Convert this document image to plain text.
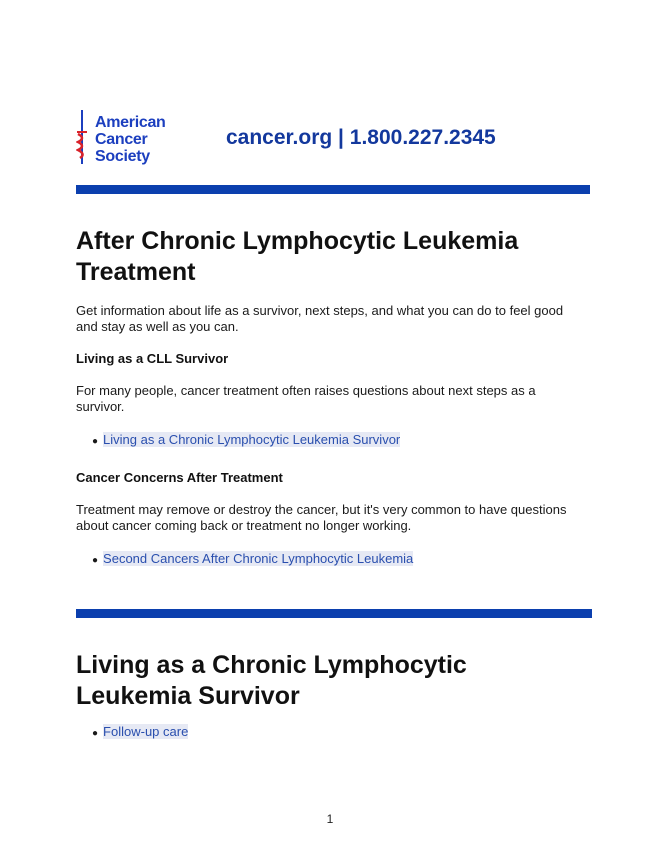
American
Cancer
Society
cancer.org | 1.800.227.2345
After Chronic Lymphocytic Leukemia
Treatment
Get information about life as a survivor, next steps, and what you can do to feel good and stay as well as you can.
Living as a CLL Survivor
For many people, cancer treatment often raises questions about next steps as a survivor.
● Living as a Chronic Lymphocytic Leukemia Survivor
Cancer Concerns After Treatment
Treatment may remove or destroy the cancer, but it's very common to have questions about cancer coming back or treatment no longer working.
● Second Cancers After Chronic Lymphocytic Leukemia
Living as a Chronic Lymphocytic
Leukemia Survivor
● Follow-up care
1
